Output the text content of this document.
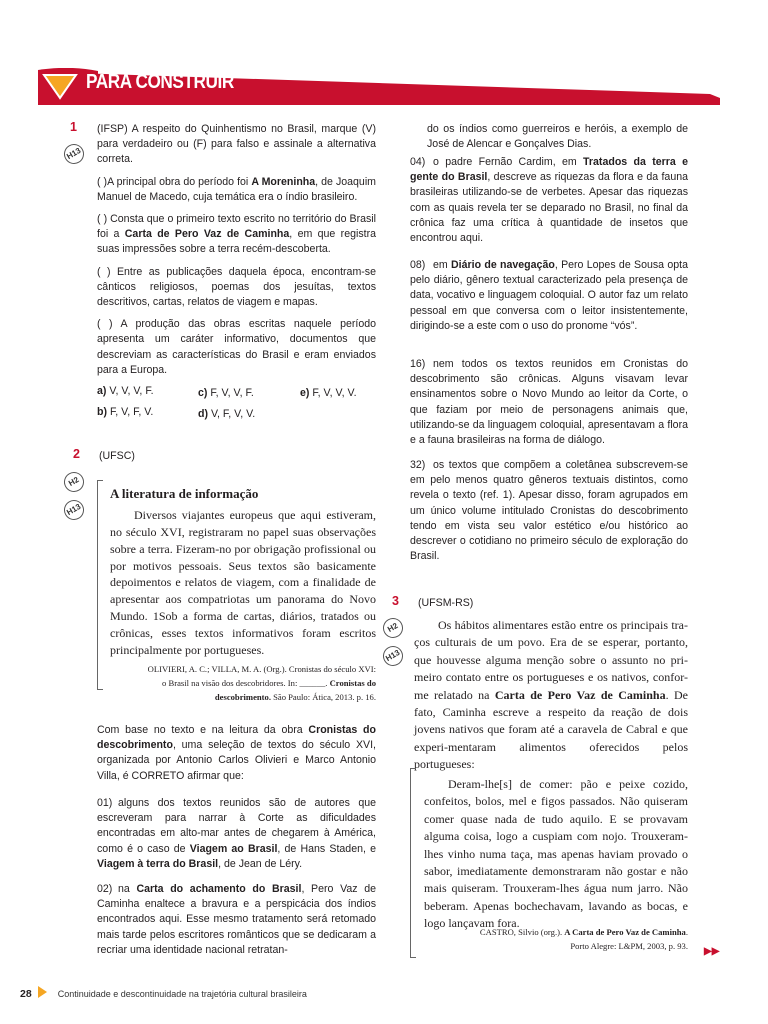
PARA CONSTRUIR
1
H13

(IFSP) A respeito do Quinhentismo no Brasil, marque (V) para verdadeiro ou (F) para falso e assinale a alternativa correta.

( )A principal obra do período foi A Moreninha, de Joaquim Manuel de Macedo, cuja temática era o índio brasileiro.

( ) Consta que o primeiro texto escrito no território do Brasil foi a Carta de Pero Vaz de Caminha, em que registra suas impressões sobre a terra recém-descoberta.

( ) Entre as publicações daquela época, encontram-se cânticos religiosos, poemas dos jesuítas, textos descritivos, cartas, relatos de viagem e mapas.

( ) A produção das obras escritas naquele período apresenta um caráter informativo, documentos que descreviam as características do Brasil e eram enviados para a Europa.

a) V, V, V, F.	c) F, V, V, F.	e) F, V, V, V.
b) F, V, F, V.	d) V, F, V, V.
2
H2
H13
(UFSC)
A literatura de informação
Diversos viajantes europeus que aqui estiveram, no século XVI, registraram no papel suas observações sobre a terra. Fizeram-no por obrigação profissional ou por motivos pessoais. Seus textos são basicamente depoimentos e relatos de viagem, com a finalidade de apresentar aos compatriotas um panorama do Novo Mundo. 1Sob a forma de cartas, diários, tratados ou crônicas, esses textos informativos foram escritos principalmente por portugueses.
OLIVIERI, A. C.; VILLA, M. A. (Org.). Cronistas do século XVI:
o Brasil na visão dos descobridores. In: ______. Cronistas do
descobrimento. São Paulo: Ática, 2013. p. 16.
Com base no texto e na leitura da obra Cronistas do descobrimento, uma seleção de textos do século XVI, organizada por Antonio Carlos Olivieri e Marco Antonio Villa, é CORRETO afirmar que:
01) alguns dos textos reunidos são de autores que escreveram para narrar à Corte as dificuldades encontradas em alto-mar antes de chegarem à América, como é o caso de Viagem ao Brasil, de Hans Staden, e Viagem à terra do Brasil, de Jean de Léry.
02) na Carta do achamento do Brasil, Pero Vaz de Caminha enaltece a bravura e a perspicácia dos índios encontrados aqui. Esse mesmo tratamento será retomado mais tarde pelos escritores românticos que se dedicaram a recriar uma identidade nacional retratan-
do os índios como guerreiros e heróis, a exemplo de José de Alencar e Gonçalves Dias.
04) o padre Fernão Cardim, em Tratados da terra e gente do Brasil, descreve as riquezas da flora e da fauna brasileiras utilizando-se de verbetes. Apesar das riquezas com as quais revela ter se deparado no Brasil, no final da crônica faz uma crítica à quantidade de insetos que encontrou aqui.
08) em Diário de navegação, Pero Lopes de Sousa opta pelo diário, gênero textual caracterizado pela presença de data, vocativo e linguagem coloquial. O autor faz um relato pessoal em que conversa com o leitor insistentemente, dirigindo-se a este com o uso do pronome “vós”.
16) nem todos os textos reunidos em Cronistas do descobrimento são crônicas. Alguns visavam levar ensinamentos sobre o Novo Mundo ao leitor da Corte, o que faziam por meio de personagens animais que, utilizando-se da linguagem coloquial, apresentavam a flora e a fauna brasileiras na forma de diálogo.
32) os textos que compõem a coletânea subscrevem-se em pelo menos quatro gêneros textuais distintos, como revela o texto (ref. 1). Apesar disso, foram agrupados em um único volume intitulado Cronistas do descobrimento tendo em vista seu valor estético e/ou histórico ao descrever o cotidiano no primeiro século de exploração do Brasil.
3
H2
H13
(UFSM-RS)
Os hábitos alimentares estão entre os principais tra-ços culturais de um povo. Era de se esperar, portanto, que houvesse alguma menção sobre o assunto no pri-meiro contato entre os portugueses e os nativos, confor-me relatado na Carta de Pero Vaz de Caminha. De fato, Caminha escreve a respeito da reação de dois jovens nativos que foram até a caravela de Cabral e que experi-mentaram alimentos oferecidos pelos portugueses:
Deram-lhe[s] de comer: pão e peixe cozido, confeitos, bolos, mel e figos passados. Não quiseram comer quase nada de tudo aquilo. E se provavam alguma coisa, logo a cuspiam com nojo. Trouxeram-lhes vinho numa taça, mas apenas haviam provado o sabor, imediatamente demonstraram não gostar e não mais quiseram. Trouxeram-lhes água num jarro. Não beberam. Apenas bochechavam, lavando as bocas, e logo lançavam fora.
CASTRO, Silvio (org.). A Carta de Pero Vaz de Caminha.
Porto Alegre: L&PM, 2003, p. 93. ▶▶
28	Continuidade e descontinuidade na trajetória cultural brasileira
